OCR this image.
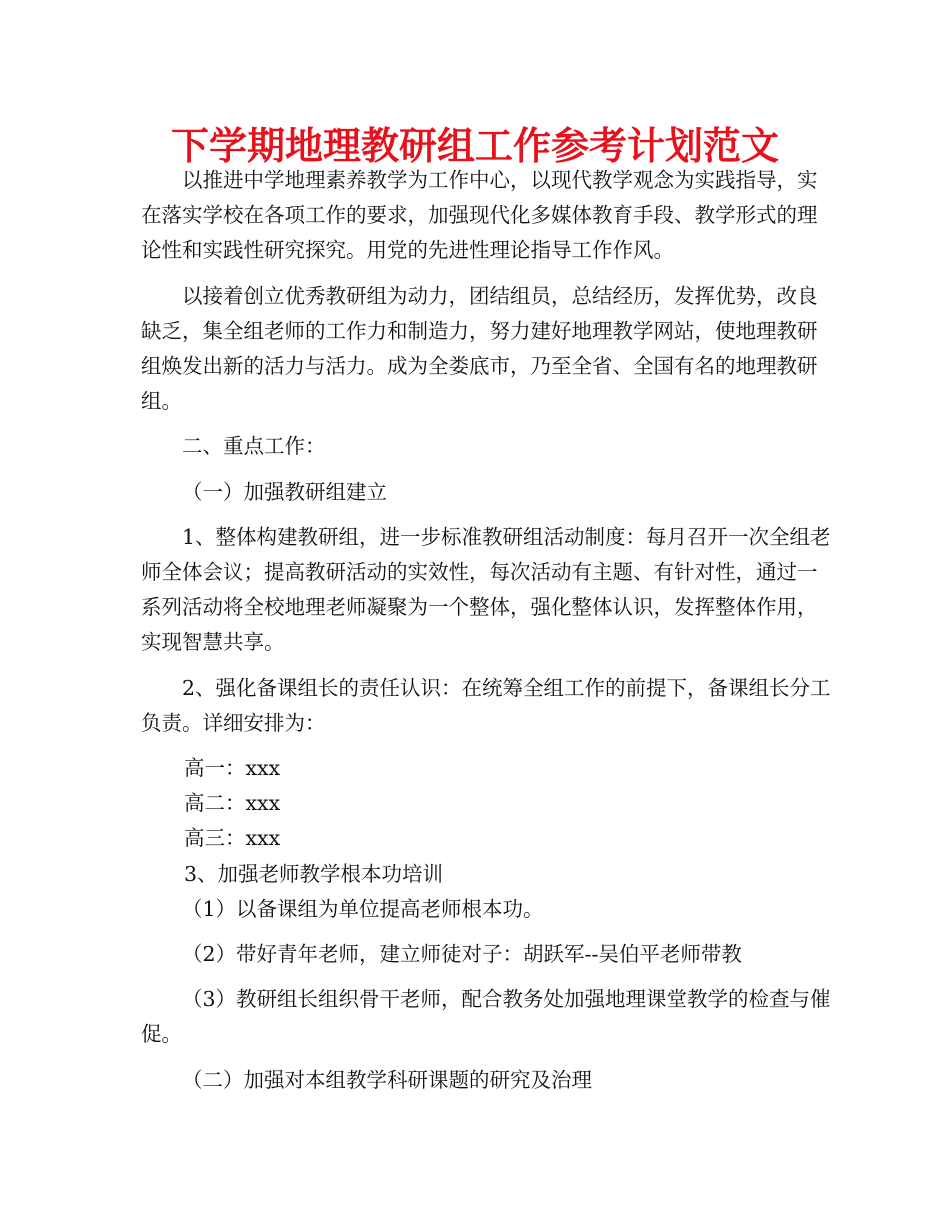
下学期地理教研组工作参考计划范文

以推进中学地理素养教学为工作中心，以现代教学观念为实践指导，实在落实学校在各项工作的要求，加强现代化多媒体教育手段、教学形式的理论性和实践性研究探究。用党的先进性理论指导工作作风。

以接着创立优秀教研组为动力，团结组员，总结经历，发挥优势，改良缺乏，集全组老师的工作力和制造力，努力建好地理教学网站，使地理教研组焕发出新的活力与活力。成为全娄底市，乃至全省、全国有名的地理教研组。

二、重点工作：

（一）加强教研组建立

1、整体构建教研组，进一步标准教研组活动制度：每月召开一次全组老师全体会议；提高教研活动的实效性，每次活动有主题、有针对性，通过一系列活动将全校地理老师凝聚为一个整体，强化整体认识，发挥整体作用，实现智慧共享。

2、强化备课组长的责任认识：在统筹全组工作的前提下，备课组长分工负责。详细安排为：

高一：xxx

高二：xxx

高三：xxx

3、加强老师教学根本功培训

（1）以备课组为单位提高老师根本功。

（2）带好青年老师，建立师徒对子：胡跃军--吴伯平老师带教

（3）教研组长组织骨干老师，配合教务处加强地理课堂教学的检查与催促。

（二）加强对本组教学科研课题的研究及治理
